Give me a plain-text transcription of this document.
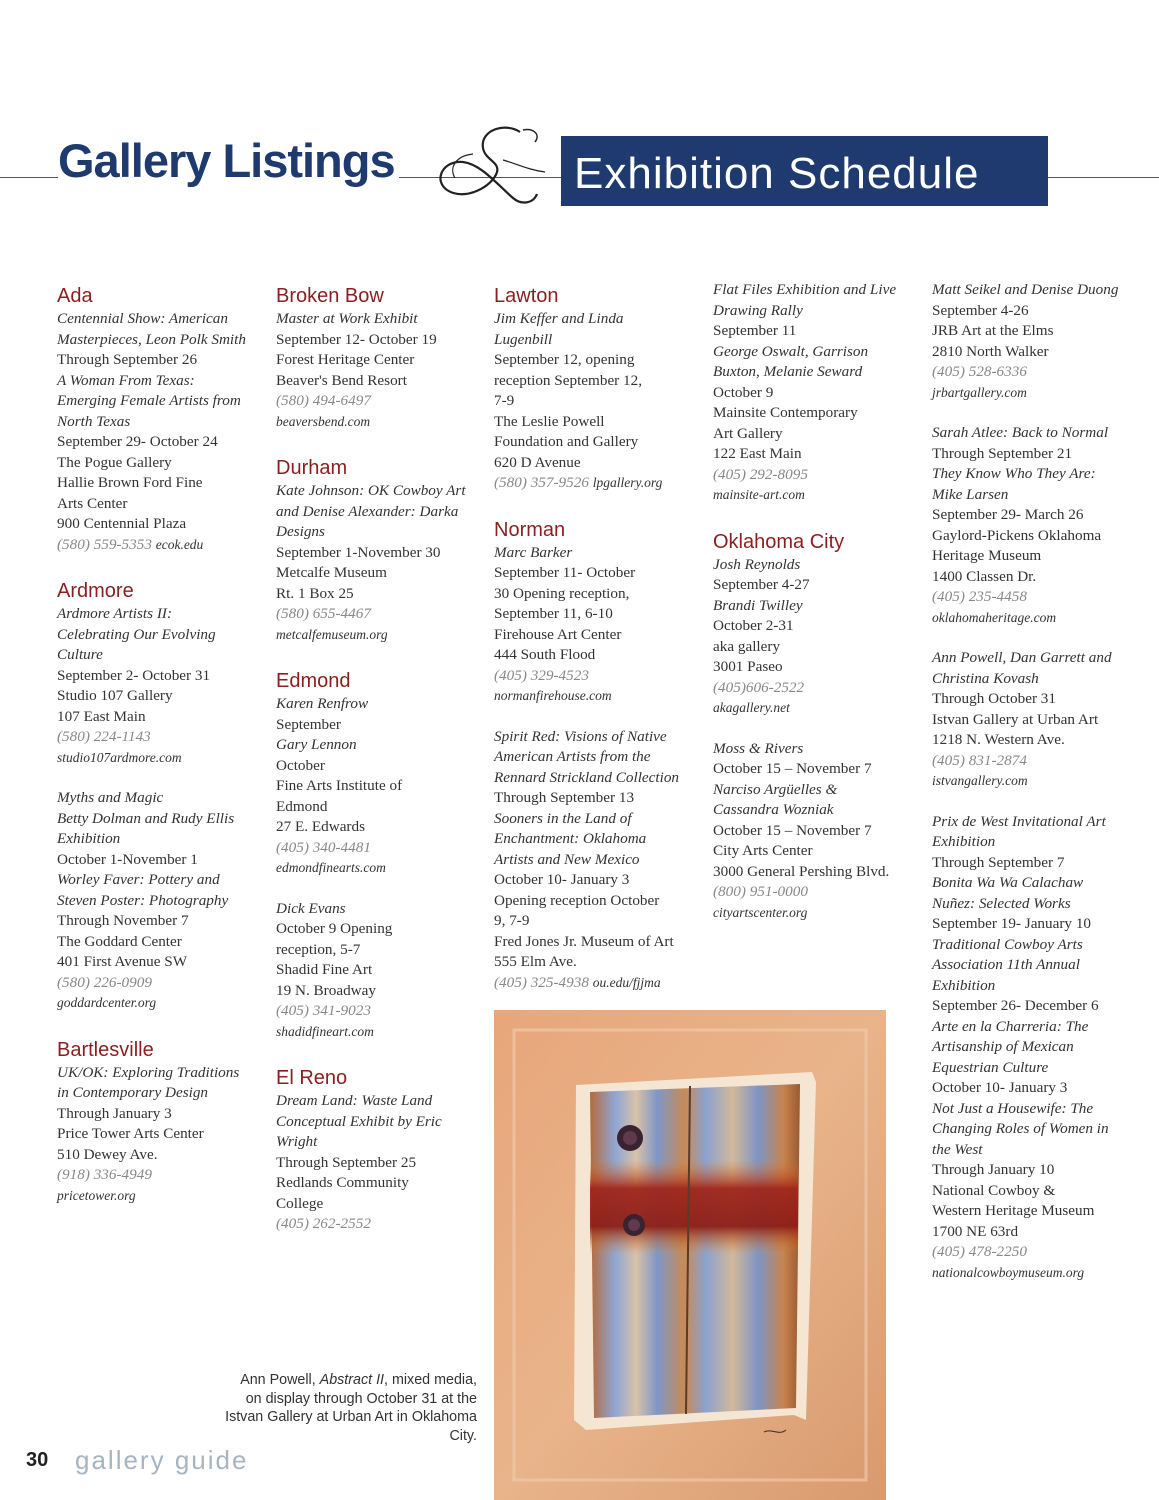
Gallery Listings	Exhibition Schedule
Ada
Centennial Show: American
Masterpieces, Leon Polk Smith
Through September 26
A Woman From Texas:
Emerging Female Artists from
North Texas
September 29- October 24
The Pogue Gallery
Hallie Brown Ford Fine
Arts Center
900 Centennial Plaza
(580) 559-5353 ecok.edu
Ardmore
Ardmore Artists II:
Celebrating Our Evolving
Culture
September 2- October 31
Studio 107 Gallery
107 East Main
(580) 224-1143
studio107ardmore.com
Myths and Magic
Betty Dolman and Rudy Ellis
Exhibition
October 1-November 1
Worley Faver: Pottery and
Steven Poster: Photography
Through November 7
The Goddard Center
401 First Avenue SW
(580) 226-0909
goddardcenter.org
Bartlesville
UK/OK: Exploring Traditions
in Contemporary Design
Through January 3
Price Tower Arts Center
510 Dewey Ave.
(918) 336-4949
pricetower.org
Broken Bow
Master at Work Exhibit
September 12- October 19
Forest Heritage Center
Beaver's Bend Resort
(580) 494-6497
beaversbend.com
Durham
Kate Johnson: OK Cowboy Art
and Denise Alexander: Darka
Designs
September 1-November 30
Metcalfe Museum
Rt. 1 Box 25
(580) 655-4467
metcalfemuseum.org
Edmond
Karen Renfrow
September
Gary Lennon
October
Fine Arts Institute of
Edmond
27 E. Edwards
(405) 340-4481
edmondfinearts.com
Dick Evans
October 9 Opening
reception, 5-7
Shadid Fine Art
19 N. Broadway
(405) 341-9023
shadidfineart.com
El Reno
Dream Land: Waste Land
Conceptual Exhibit by Eric
Wright
Through September 25
Redlands Community
College
(405) 262-2552
Lawton
Jim Keffer and Linda
Lugenbill
September 12, opening
reception September 12,
7-9
The Leslie Powell
Foundation and Gallery
620 D Avenue
(580) 357-9526 lpgallery.org
Norman
Marc Barker
September 11- October
30 Opening reception,
September 11, 6-10
Firehouse Art Center
444 South Flood
(405) 329-4523
normanfirehouse.com
Spirit Red: Visions of Native
American Artists from the
Rennard Strickland Collection
Through September 13
Sooners in the Land of
Enchantment: Oklahoma
Artists and New Mexico
October 10- January 3
Opening reception October
9, 7-9
Fred Jones Jr. Museum of Art
555 Elm Ave.
(405) 325-4938 ou.edu/fjjma
Flat Files Exhibition and Live
Drawing Rally
September 11
George Oswalt, Garrison
Buxton, Melanie Seward
October 9
Mainsite Contemporary
Art Gallery
122 East Main
(405) 292-8095
mainsite-art.com
Oklahoma City
Josh Reynolds
September 4-27
Brandi Twilley
October 2-31
aka gallery
3001 Paseo
(405)606-2522
akagallery.net
Moss & Rivers
October 15 – November 7
Narciso Argüelles &
Cassandra Wozniak
October 15 – November 7
City Arts Center
3000 General Pershing Blvd.
(800) 951-0000
cityartscenter.org
Matt Seikel and Denise Duong
September 4-26
JRB Art at the Elms
2810 North Walker
(405) 528-6336
jrbartgallery.com
Sarah Atlee: Back to Normal
Through September 21
They Know Who They Are:
Mike Larsen
September 29- March 26
Gaylord-Pickens Oklahoma
Heritage Museum
1400 Classen Dr.
(405) 235-4458
oklahomaheritage.com
Ann Powell, Dan Garrett and
Christina Kovash
Through October 31
Istvan Gallery at Urban Art
1218 N. Western Ave.
(405) 831-2874
istvangallery.com
Prix de West Invitational Art
Exhibition
Through September 7
Bonita Wa Wa Calachaw
Nuñez: Selected Works
September 19- January 10
Traditional Cowboy Arts
Association 11th Annual
Exhibition
September 26- December 6
Arte en la Charreria: The
Artisanship of Mexican
Equestrian Culture
October 10- January 3
Not Just a Housewife: The
Changing Roles of Women in
the West
Through January 10
National Cowboy &
Western Heritage Museum
1700 NE 63rd
(405) 478-2250
nationalcowboymuseum.org
Ann Powell, Abstract II, mixed media, on display through October 31 at the Istvan Gallery at Urban Art in Oklahoma City.
30 gallery guide
